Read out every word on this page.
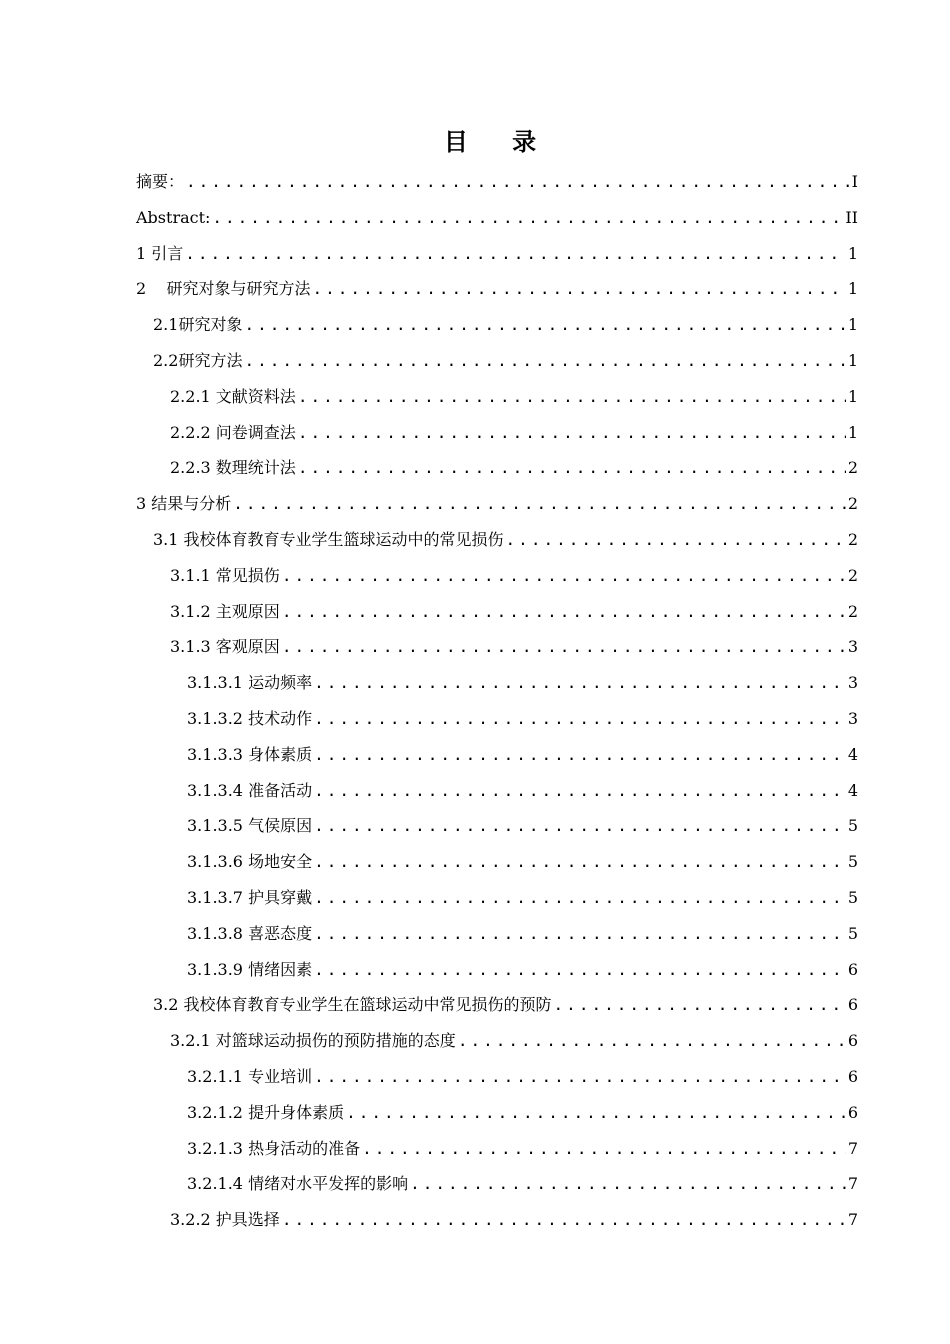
目 录
摘要： .....	I
Abstract: .....	II
1 引言 .....	1
2    研究对象与研究方法 .....	1
2.1研究对象 .....	1
2.2研究方法 .....	1
2.2.1 文献资料法 .....	1
2.2.2 问卷调查法 .....	1
2.2.3 数理统计法 .....	2
3 结果与分析 .....	2
3.1 我校体育教育专业学生篮球运动中的常见损伤 .....	2
3.1.1 常见损伤 .....	2
3.1.2 主观原因 .....	2
3.1.3 客观原因 .....	3
3.1.3.1 运动频率 .....	3
3.1.3.2 技术动作 .....	3
3.1.3.3 身体素质 .....	4
3.1.3.4 准备活动 .....	4
3.1.3.5 气侯原因 .....	5
3.1.3.6 场地安全 .....	5
3.1.3.7 护具穿戴 .....	5
3.1.3.8 喜恶态度 .....	5
3.1.3.9 情绪因素 .....	6
3.2 我校体育教育专业学生在篮球运动中常见损伤的预防 .....	6
3.2.1 对篮球运动损伤的预防措施的态度 .....	6
3.2.1.1 专业培训 .....	6
3.2.1.2 提升身体素质 .....	6
3.2.1.3 热身活动的准备 .....	7
3.2.1.4 情绪对水平发挥的影响 .....	7
3.2.2 护具选择 .....	7
